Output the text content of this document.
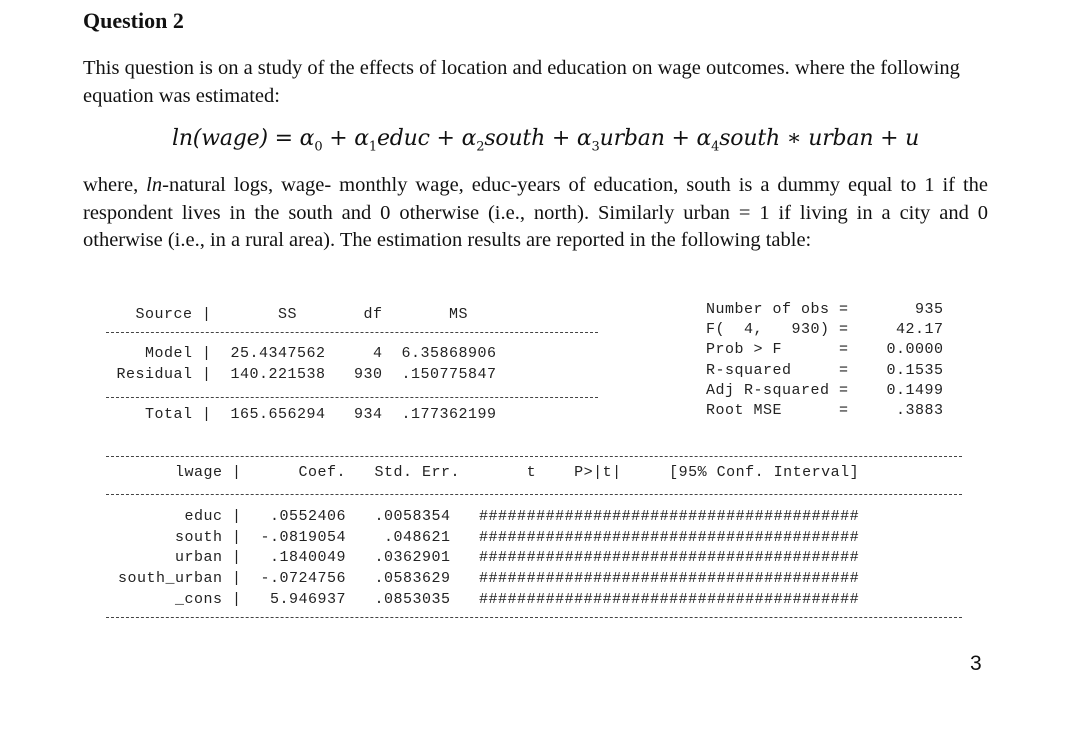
Question 2
This question is on a study of the effects of location and education on wage outcomes. where the following equation was estimated:
ln(wage) = $\alpha_0$ + $\alpha_1educ$ + $\alpha_2south$ + $\alpha_3urban$ + $\alpha_4south$ ∗ urban + u
where, ln-natural logs, wage- monthly wage, educ-years of education, south is a dummy equal to 1 if the respondent lives in the south and 0 otherwise (i.e., north). Similarly urban = 1 if living in a city and 0 otherwise (i.e., in a rural area). The estimation results are reported in the following table:
Source |       SS       df       MS
Model |  25.4347562     4  6.35868906
Residual |  140.221538   930  .150775847
Total |  165.656294   934  .177362199
Number of obs =       935
F(  4,   930) =     42.17
Prob > F      =    0.0000
R-squared     =    0.1535
Adj R-squared =    0.1499
Root MSE      =     .3883
lwage |      Coef.   Std. Err.       t    P>|t|     [95% Conf. Interval]
educ |   .0552406   .0058354   ########################################
south |  -.0819054    .048621   ########################################
urban |   .1840049   .0362901   ########################################
south_urban |  -.0724756   .0583629   ########################################
_cons |   5.946937   .0853035   ########################################
3
